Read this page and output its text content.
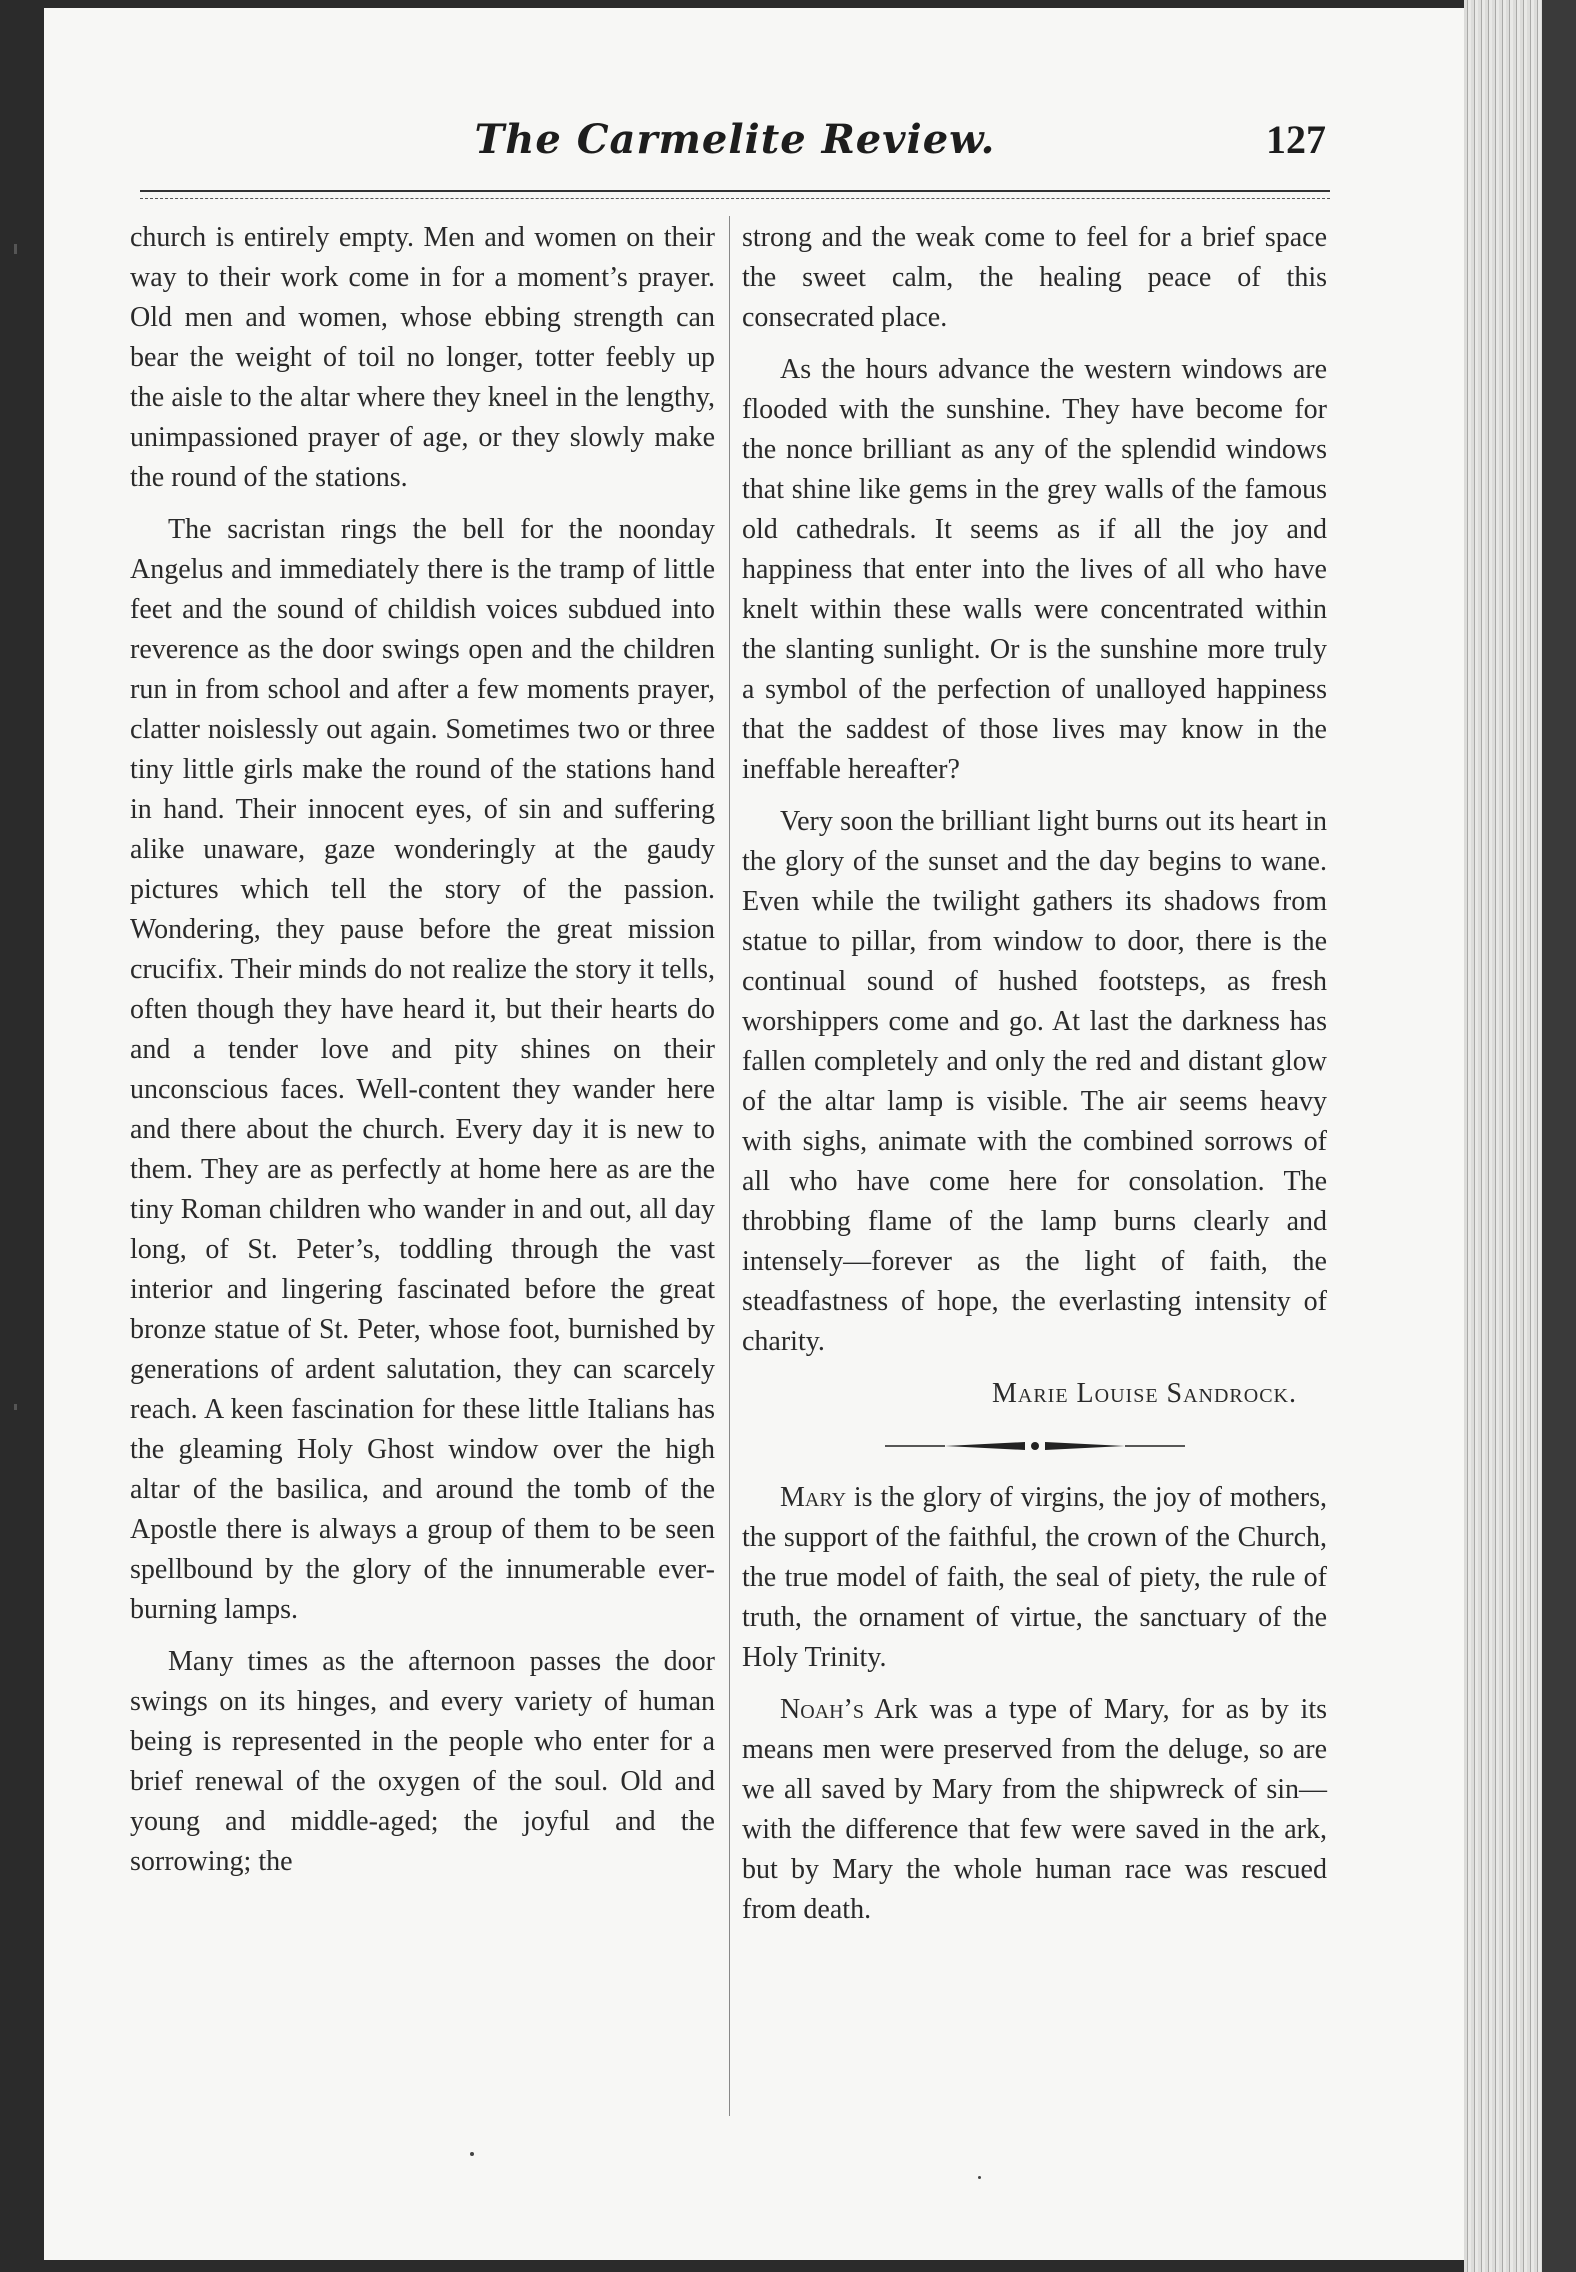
The Carmelite Review.	127

church is entirely empty. Men and women on their way to their work come in for a moment’s prayer. Old men and women, whose ebbing strength can bear the weight of toil no longer, totter feebly up the aisle to the altar where they kneel in the lengthy, unimpassioned prayer of age, or they slowly make the round of the stations.

The sacristan rings the bell for the noonday Angelus and immediately there is the tramp of little feet and the sound of childish voices subdued into reverence as the door swings open and the children run in from school and after a few moments prayer, clatter noislessly out again. Sometimes two or three tiny little girls make the round of the stations hand in hand. Their innocent eyes, of sin and suffering alike unaware, gaze wonderingly at the gaudy pictures which tell the story of the passion. Wondering, they pause before the great mission crucifix. Their minds do not realize the story it tells, often though they have heard it, but their hearts do and a tender love and pity shines on their unconscious faces. Well-content they wander here and there about the church. Every day it is new to them. They are as perfectly at home here as are the tiny Roman children who wander in and out, all day long, of St. Peter’s, toddling through the vast interior and lingering fascinated before the great bronze statue of St. Peter, whose foot, burnished by generations of ardent salutation, they can scarcely reach. A keen fascination for these little Italians has the gleaming Holy Ghost window over the high altar of the basilica, and around the tomb of the Apostle there is always a group of them to be seen spellbound by the glory of the innumerable ever-burning lamps.

Many times as the afternoon passes the door swings on its hinges, and every variety of human being is represented in the people who enter for a brief renewal of the oxygen of the soul. Old and young and middle-aged; the joyful and the sorrowing; the

strong and the weak come to feel for a brief space the sweet calm, the healing peace of this consecrated place.

As the hours advance the western windows are flooded with the sunshine. They have become for the nonce brilliant as any of the splendid windows that shine like gems in the grey walls of the famous old cathedrals. It seems as if all the joy and happiness that enter into the lives of all who have knelt within these walls were concentrated within the slanting sunlight. Or is the sunshine more truly a symbol of the perfection of unalloyed happiness that the saddest of those lives may know in the ineffable hereafter?

Very soon the brilliant light burns out its heart in the glory of the sunset and the day begins to wane. Even while the twilight gathers its shadows from statue to pillar, from window to door, there is the continual sound of hushed footsteps, as fresh worshippers come and go. At last the darkness has fallen completely and only the red and distant glow of the altar lamp is visible. The air seems heavy with sighs, animate with the combined sorrows of all who have come here for consolation. The throbbing flame of the lamp burns clearly and intensely—forever as the light of faith, the steadfastness of hope, the everlasting intensity of charity.

Marie Louise Sandrock.

Mary is the glory of virgins, the joy of mothers, the support of the faithful, the crown of the Church, the true model of faith, the seal of piety, the rule of truth, the ornament of virtue, the sanctuary of the Holy Trinity.

Noah’s Ark was a type of Mary, for as by its means men were preserved from the deluge, so are we all saved by Mary from the shipwreck of sin—with the difference that few were saved in the ark, but by Mary the whole human race was rescued from death.
